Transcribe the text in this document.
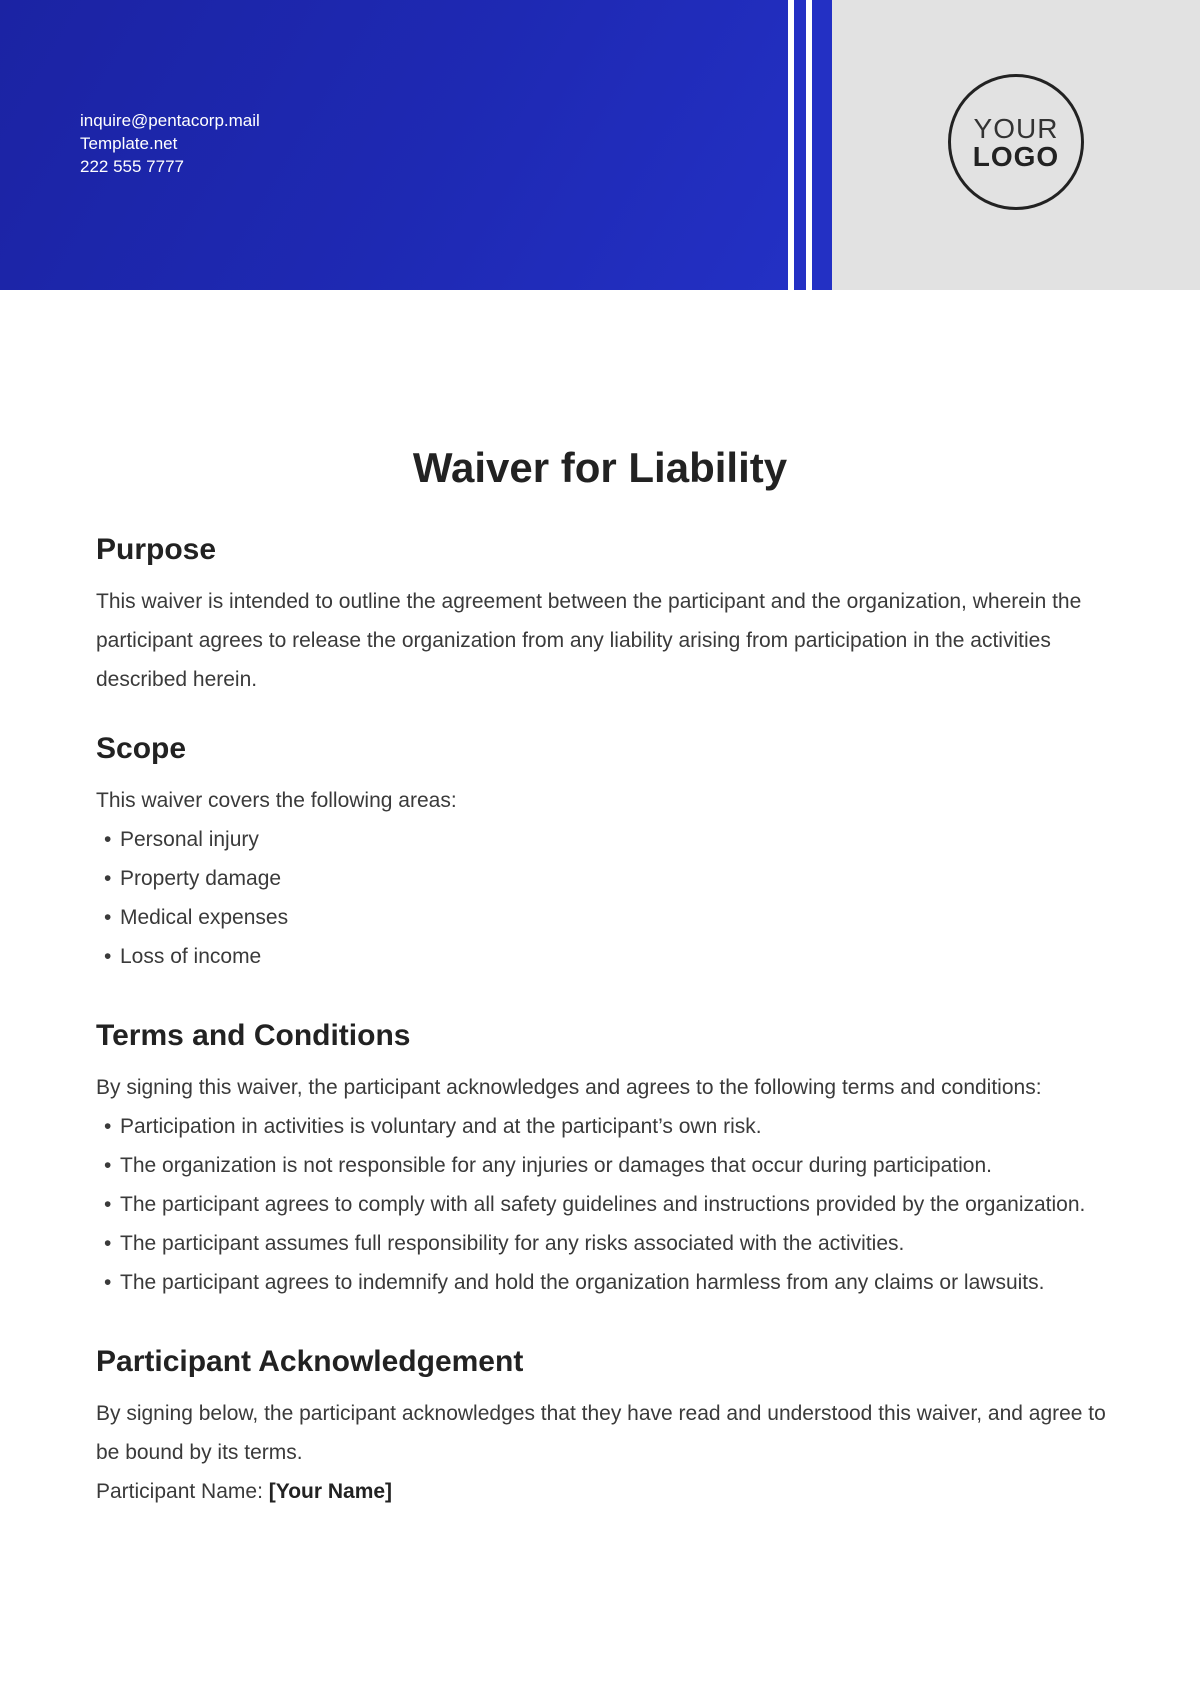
inquire@pentacorp.mail
Template.net
222 555 7777
YOUR
LOGO
Waiver for Liability
Purpose

This waiver is intended to outline the agreement between the participant and the organization, wherein the participant agrees to release the organization from any liability arising from participation in the activities described herein.

Scope

This waiver covers the following areas:

• Personal injury
• Property damage
• Medical expenses
• Loss of income
Terms and Conditions

By signing this waiver, the participant acknowledges and agrees to the following terms and conditions:

• Participation in activities is voluntary and at the participant’s own risk.
• The organization is not responsible for any injuries or damages that occur during participation.
• The participant agrees to comply with all safety guidelines and instructions provided by the organization.
• The participant assumes full responsibility for any risks associated with the activities.
• The participant agrees to indemnify and hold the organization harmless from any claims or lawsuits.
Participant Acknowledgement

By signing below, the participant acknowledges that they have read and understood this waiver, and agree to be bound by its terms.

Participant Name: [Your Name]
